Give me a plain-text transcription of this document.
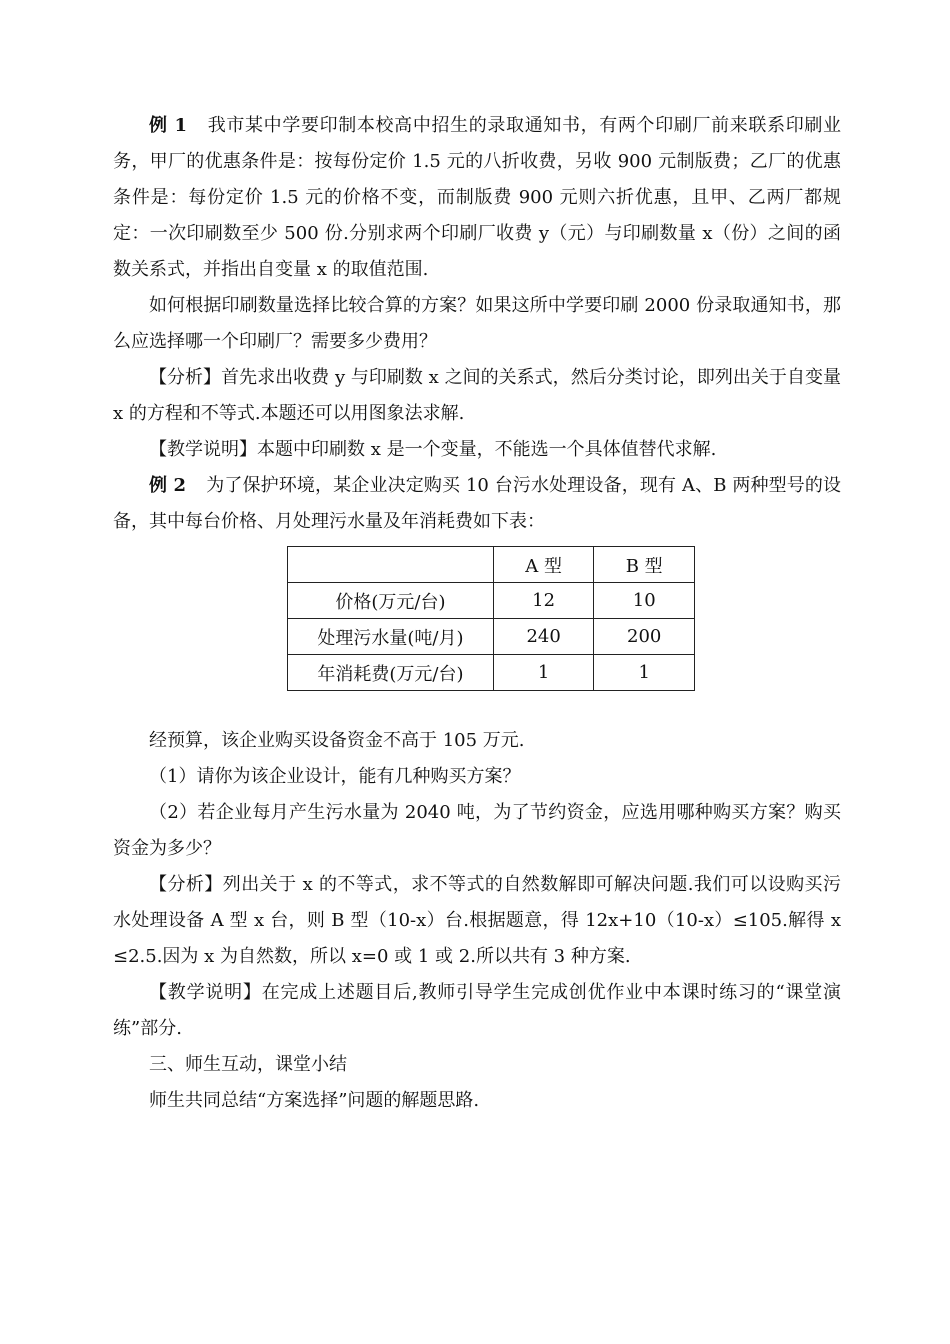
例 1 我市某中学要印制本校高中招生的录取通知书，有两个印刷厂前来联系印刷业务，甲厂的优惠条件是：按每份定价 1.5 元的八折收费，另收 900 元制版费；乙厂的优惠条件是：每份定价 1.5 元的价格不变，而制版费 900 元则六折优惠，且甲、乙两厂都规定：一次印刷数至少 500 份.分别求两个印刷厂收费 y（元）与印刷数量 x（份）之间的函数关系式，并指出自变量 x 的取值范围.

如何根据印刷数量选择比较合算的方案？如果这所中学要印刷 2000 份录取通知书，那么应选择哪一个印刷厂？需要多少费用？

【分析】首先求出收费 y 与印刷数 x 之间的关系式，然后分类讨论，即列出关于自变量 x 的方程和不等式.本题还可以用图象法求解.

【教学说明】本题中印刷数 x 是一个变量，不能选一个具体值替代求解.

例 2 为了保护环境，某企业决定购买 10 台污水处理设备，现有 A、B 两种型号的设备，其中每台价格、月处理污水量及年消耗费如下表：

	A 型	B 型
价格(万元/台)	12	10
处理污水量(吨/月)	240	200
年消耗费(万元/台)	1	1

经预算，该企业购买设备资金不高于 105 万元.

（1）请你为该企业设计，能有几种购买方案？

（2）若企业每月产生污水量为 2040 吨，为了节约资金，应选用哪种购买方案？购买资金为多少？

【分析】列出关于 x 的不等式，求不等式的自然数解即可解决问题.我们可以设购买污水处理设备 A 型 x 台，则 B 型（10-x）台.根据题意，得 12x+10（10-x）≤105.解得 x≤2.5.因为 x 为自然数，所以 x=0 或 1 或 2.所以共有 3 种方案.

【教学说明】在完成上述题目后,教师引导学生完成创优作业中本课时练习的“课堂演练”部分.

三、师生互动，课堂小结

师生共同总结“方案选择”问题的解题思路.
